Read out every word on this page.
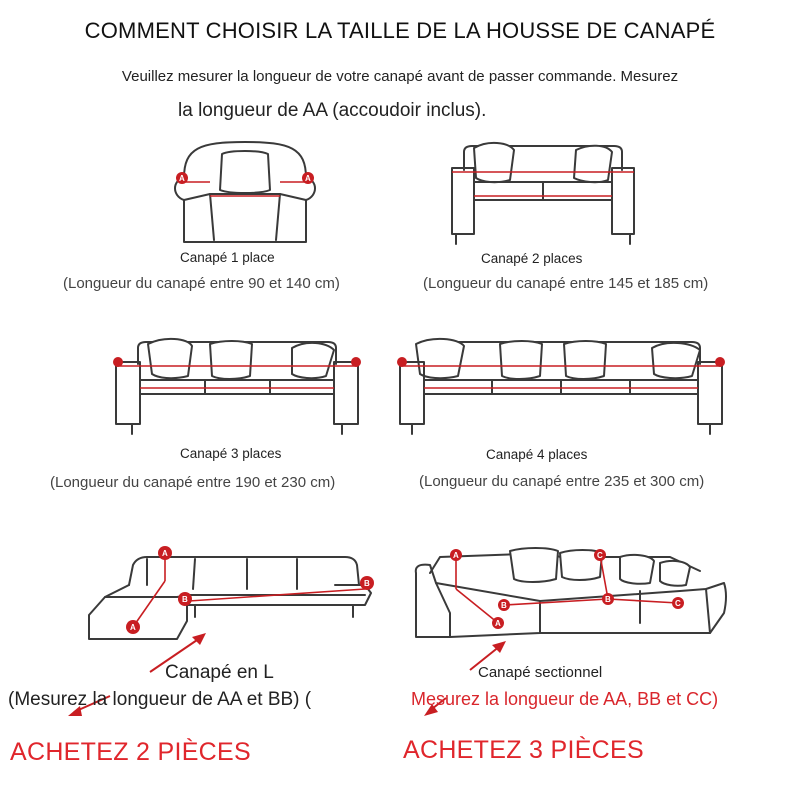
COMMENT CHOISIR LA TAILLE DE LA HOUSSE DE CANAPÉ
Veuillez mesurer la longueur de votre canapé avant de passer commande. Mesurez
la longueur de AA (accoudoir inclus).
A	A
Canapé 1 place
(Longueur du canapé entre 90 et 140 cm)
Canapé 2 places
(Longueur du canapé entre 145 et 185 cm)
Canapé 3 places
(Longueur du canapé entre 190 et 230 cm)
Canapé 4 places
(Longueur du canapé entre 235 et 300 cm)
A
A
B
B
A
A
B
B
C
C
Canapé en L
(Mesurez la longueur de AA et BB) (
ACHETEZ 2 PIÈCES
Canapé sectionnel
Mesurez la longueur de AA, BB et CC)
ACHETEZ 3 PIÈCES
